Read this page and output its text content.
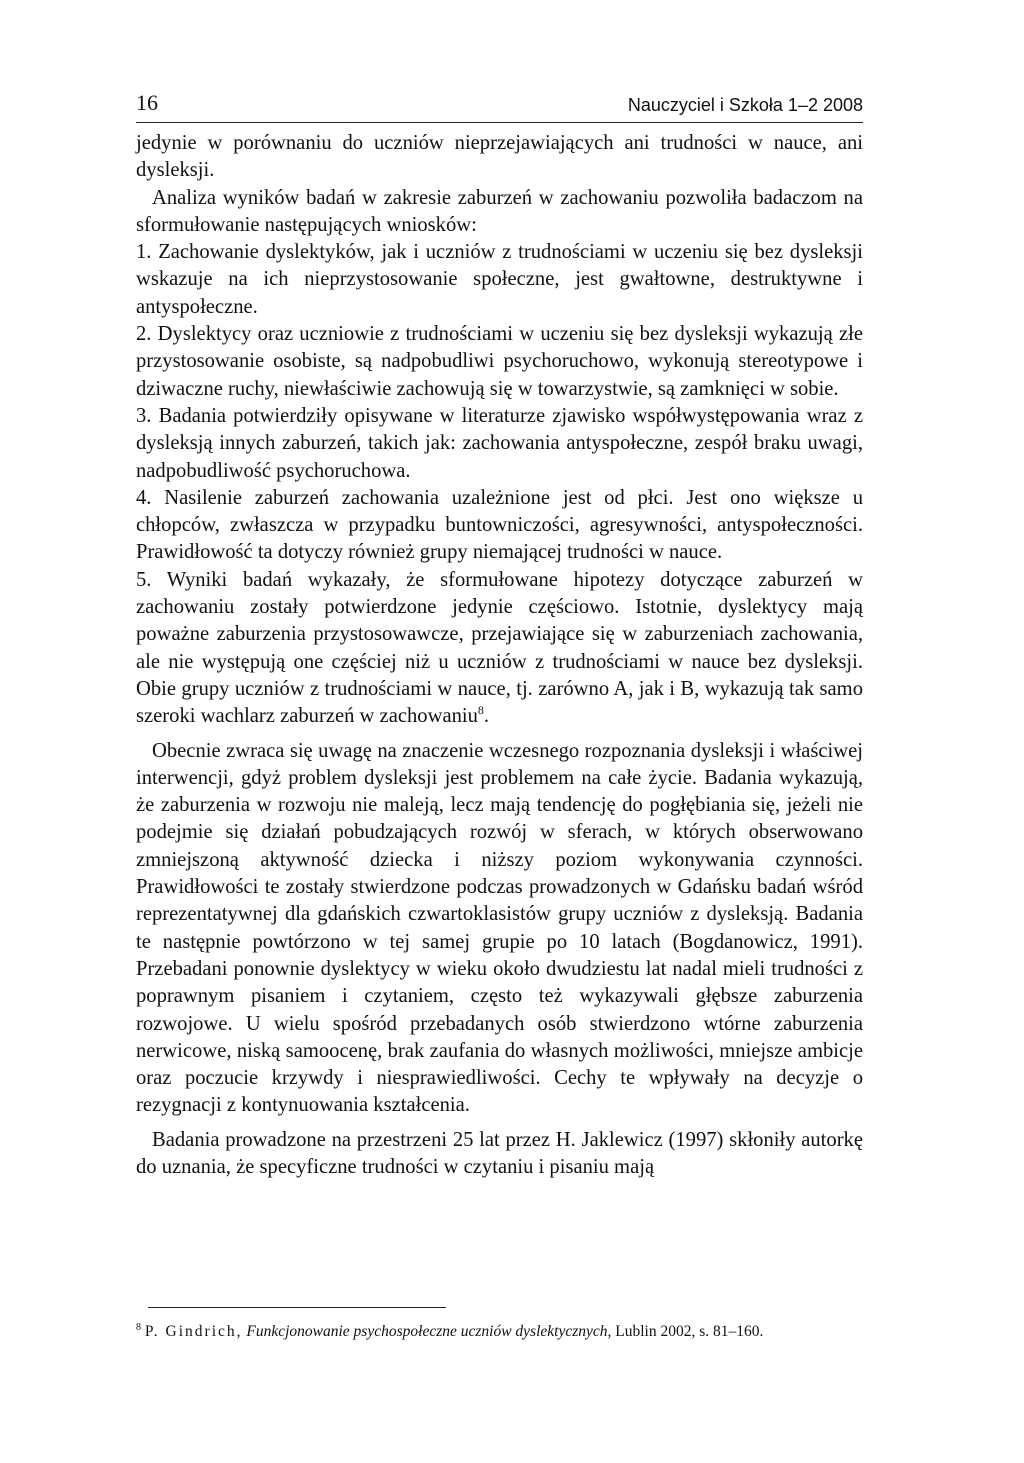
16	Nauczyciel i Szkoła 1–2 2008

jedynie w porównaniu do uczniów nieprzejawiających ani trudności w nauce, ani dysleksji.

Analiza wyników badań w zakresie zaburzeń w zachowaniu pozwoliła badaczom na sformułowanie następujących wniosków:

1. Zachowanie dyslektyków, jak i uczniów z trudnościami w uczeniu się bez dysleksji wskazuje na ich nieprzystosowanie społeczne, jest gwałtowne, destruktywne i antyspołeczne.

2. Dyslektycy oraz uczniowie z trudnościami w uczeniu się bez dysleksji wykazują złe przystosowanie osobiste, są nadpobudliwi psychoruchowo, wykonują stereotypowe i dziwaczne ruchy, niewłaściwie zachowują się w towarzystwie, są zamknięci w sobie.

3. Badania potwierdziły opisywane w literaturze zjawisko współwystępowania wraz z dysleksją innych zaburzeń, takich jak: zachowania antyspołeczne, zespół braku uwagi, nadpobudliwość psychoruchowa.

4. Nasilenie zaburzeń zachowania uzależnione jest od płci. Jest ono większe u chłopców, zwłaszcza w przypadku buntowniczości, agresywności, antyspołeczności. Prawidłowość ta dotyczy również grupy niemającej trudności w nauce.

5. Wyniki badań wykazały, że sformułowane hipotezy dotyczące zaburzeń w zachowaniu zostały potwierdzone jedynie częściowo. Istotnie, dyslektycy mają poważne zaburzenia przystosowawcze, przejawiające się w zaburzeniach zachowania, ale nie występują one częściej niż u uczniów z trudnościami w nauce bez dysleksji. Obie grupy uczniów z trudnościami w nauce, tj. zarówno A, jak i B, wykazują tak samo szeroki wachlarz zaburzeń w zachowaniu$^8$.

Obecnie zwraca się uwagę na znaczenie wczesnego rozpoznania dysleksji i właściwej interwencji, gdyż problem dysleksji jest problemem na całe życie. Badania wykazują, że zaburzenia w rozwoju nie maleją, lecz mają tendencję do pogłębiania się, jeżeli nie podejmie się działań pobudzających rozwój w sferach, w których obserwowano zmniejszoną aktywność dziecka i niższy poziom wykonywania czynności. Prawidłowości te zostały stwierdzone podczas prowadzonych w Gdańsku badań wśród reprezentatywnej dla gdańskich czwartoklasistów grupy uczniów z dysleksją. Badania te następnie powtórzono w tej samej grupie po 10 latach (Bogdanowicz, 1991). Przebadani ponownie dyslektycy w wieku około dwudziestu lat nadal mieli trudności z poprawnym pisaniem i czytaniem, często też wykazywali głębsze zaburzenia rozwojowe. U wielu spośród przebadanych osób stwierdzono wtórne zaburzenia nerwicowe, niską samoocenę, brak zaufania do własnych możliwości, mniejsze ambicje oraz poczucie krzywdy i niesprawiedliwości. Cechy te wpływały na decyzje o rezygnacji z kontynuowania kształcenia.

Badania prowadzone na przestrzeni 25 lat przez H. Jaklewicz (1997) skłoniły autorkę do uznania, że specyficzne trudności w czytaniu i pisaniu mają

$^8$ P. Gindrich, Funkcjonowanie psychospołeczne uczniów dyslektycznych, Lublin 2002, s. 81–160.
